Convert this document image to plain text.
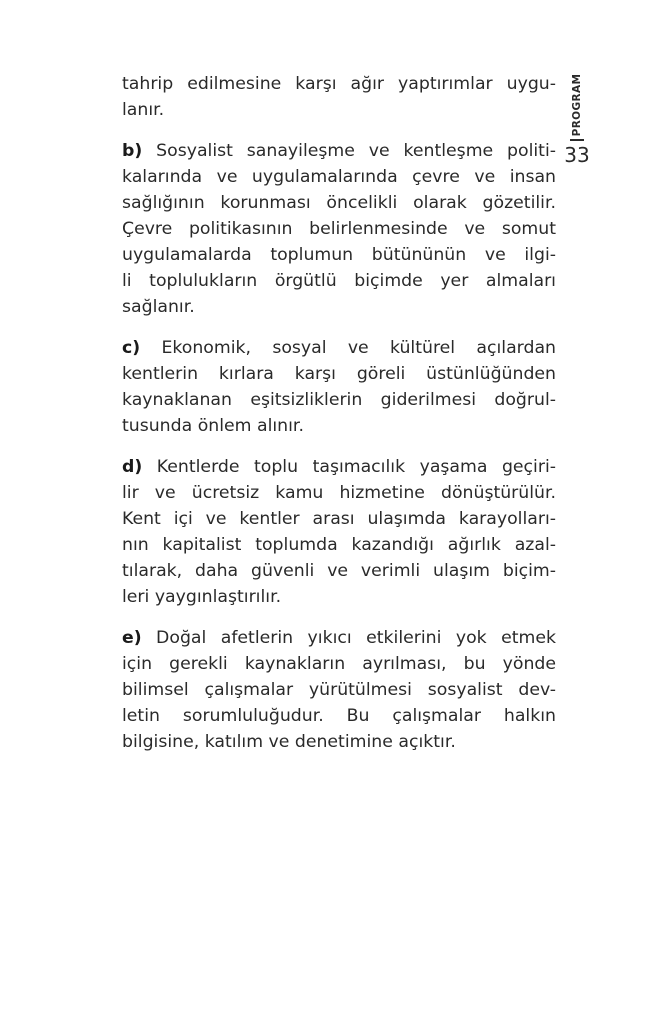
PROGRAM
33
tahrip edilmesine karşı ağır yaptırımlar uygu-
lanır.
b) Sosyalist sanayileşme ve kentleşme politi-
kalarında ve uygulamalarında çevre ve insan
sağlığının korunması öncelikli olarak gözetilir.
Çevre politikasının belirlenmesinde ve somut
uygulamalarda toplumun bütününün ve ilgi-
li toplulukların örgütlü biçimde yer almaları
sağlanır.
c) Ekonomik, sosyal ve kültürel açılardan
kentlerin kırlara karşı göreli üstünlüğünden
kaynaklanan eşitsizliklerin giderilmesi doğrul-
tusunda önlem alınır.
d) Kentlerde toplu taşımacılık yaşama geçiri-
lir ve ücretsiz kamu hizmetine dönüştürülür.
Kent içi ve kentler arası ulaşımda karayolları-
nın kapitalist toplumda kazandığı ağırlık azal-
tılarak, daha güvenli ve verimli ulaşım biçim-
leri yaygınlaştırılır.
e) Doğal afetlerin yıkıcı etkilerini yok etmek
için gerekli kaynakların ayrılması, bu yönde
bilimsel çalışmalar yürütülmesi sosyalist dev-
letin sorumluluğudur. Bu çalışmalar halkın
bilgisine, katılım ve denetimine açıktır.
